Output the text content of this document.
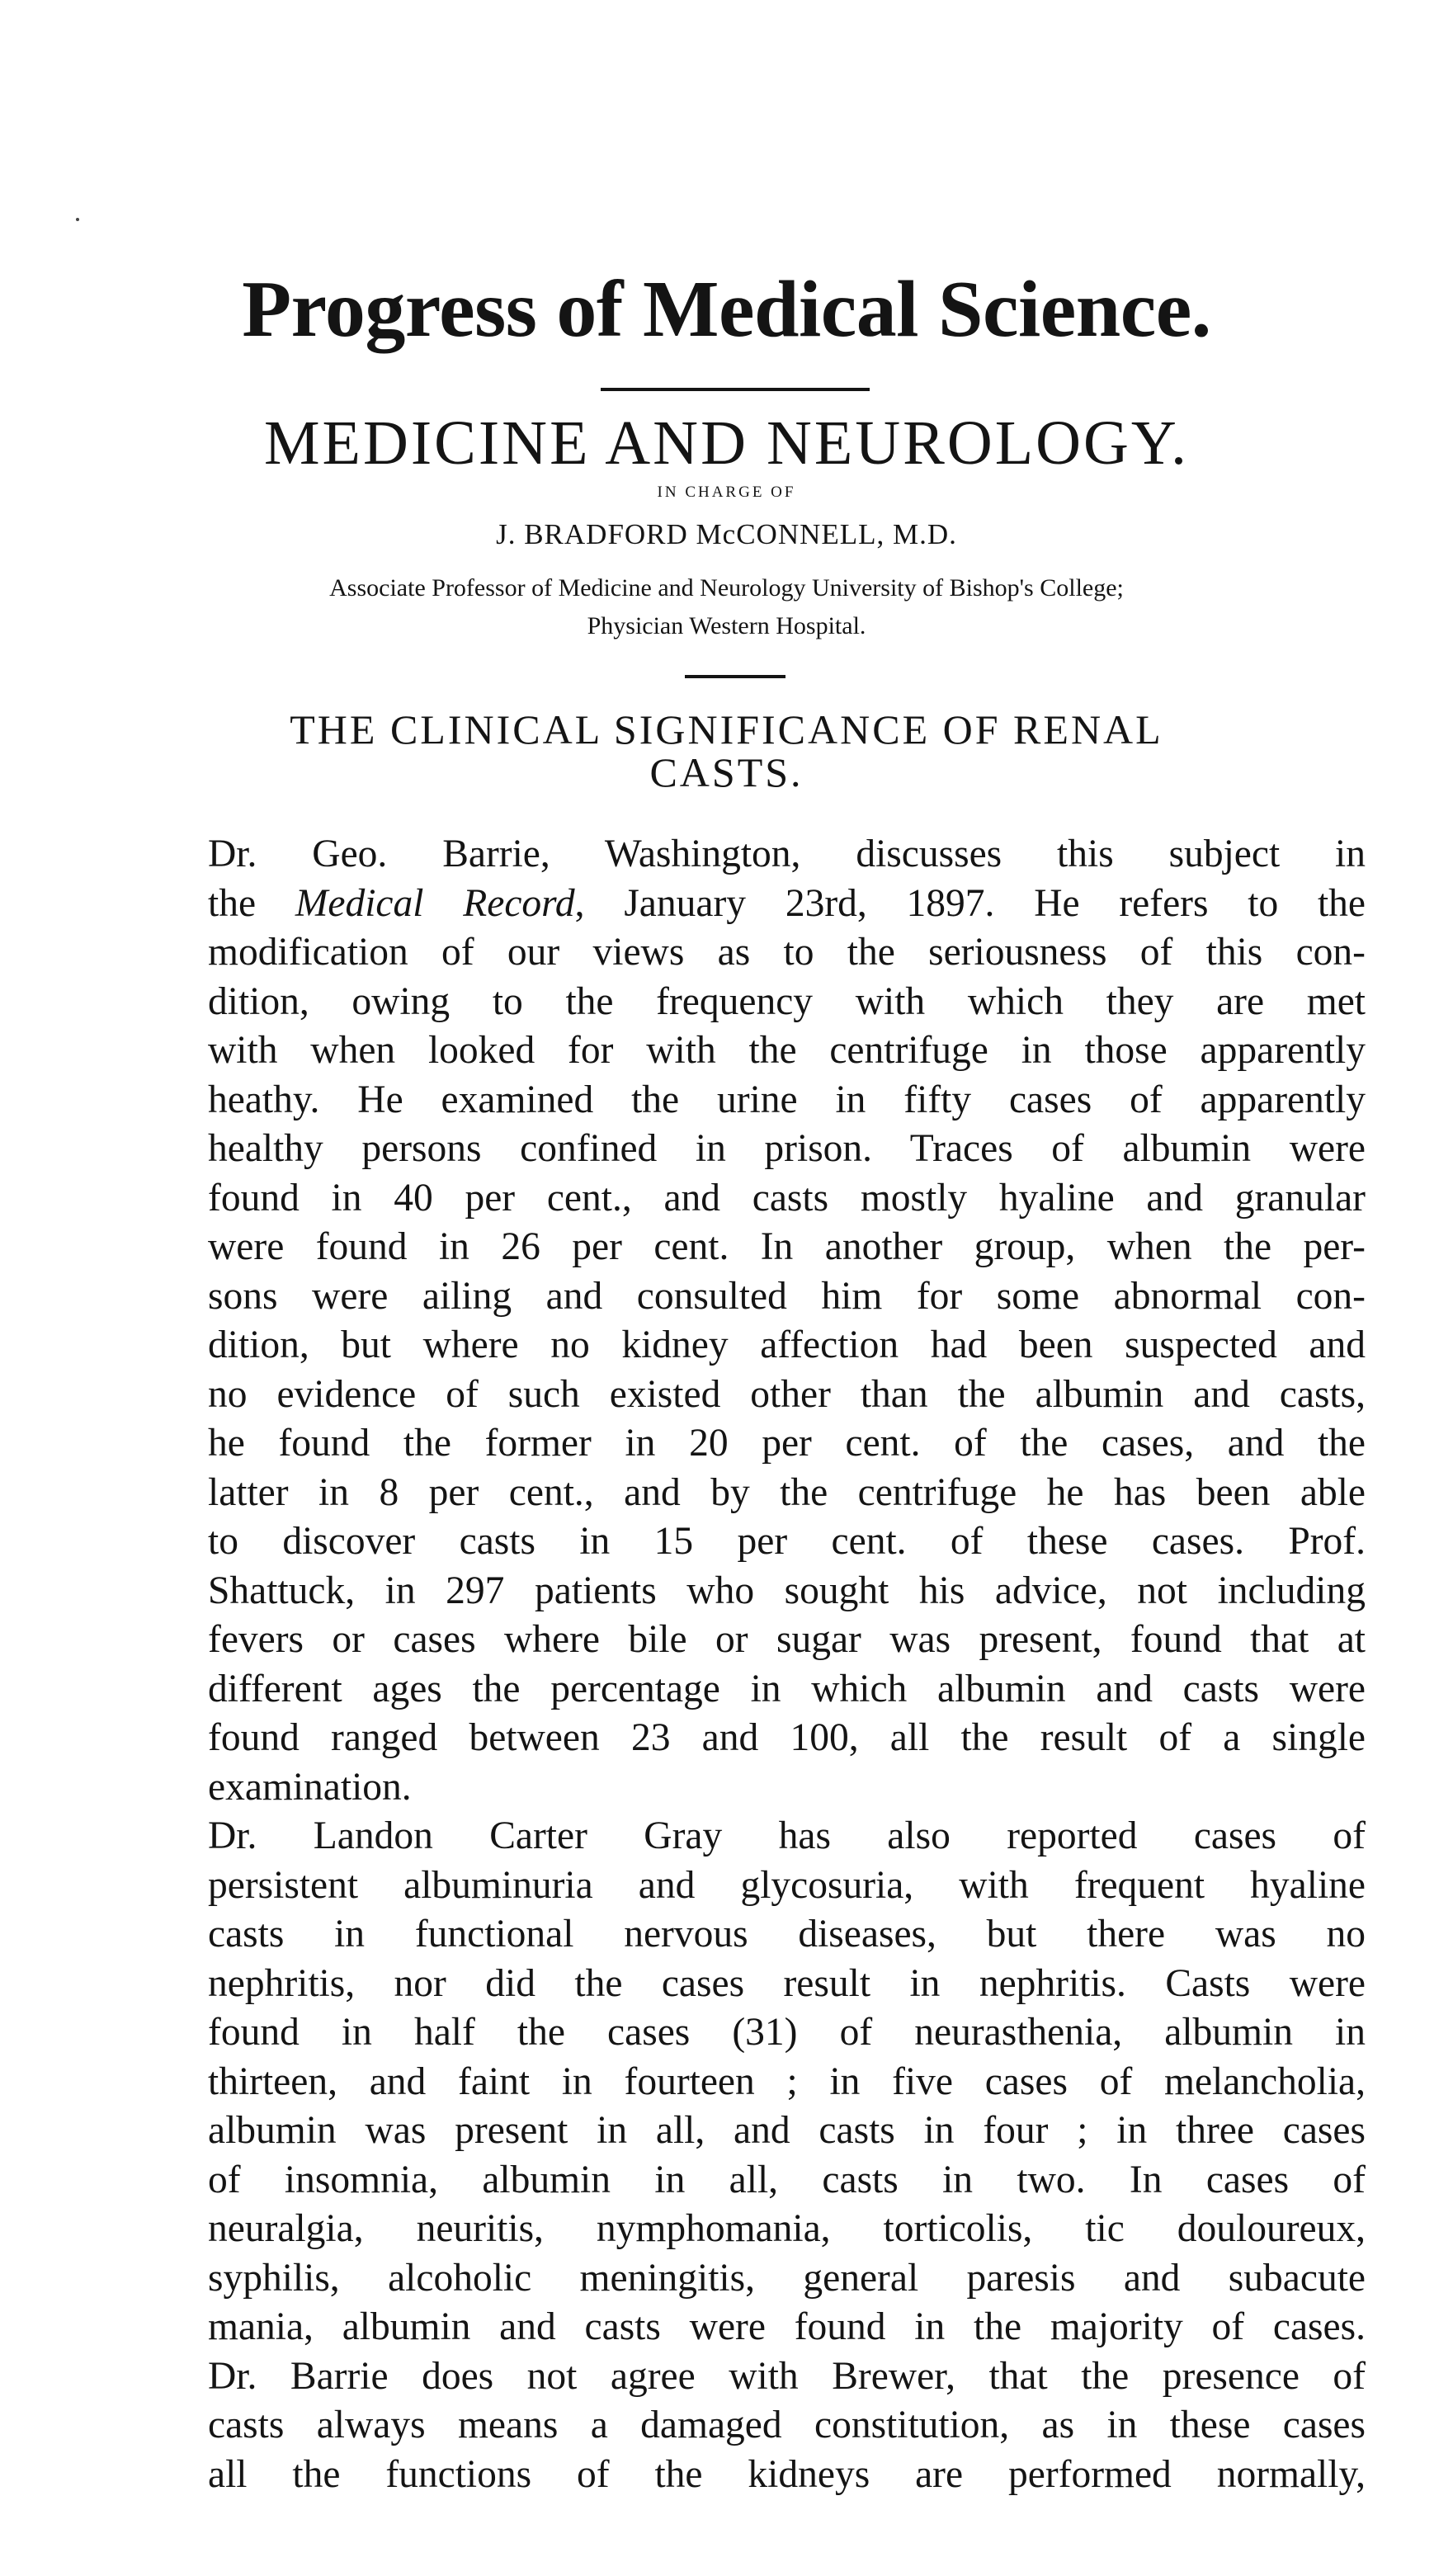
Progress of Medical Science.
MEDICINE AND NEUROLOGY.
IN CHARGE OF
J. BRADFORD McCONNELL, M.D.
Associate Professor of Medicine and Neurology University of Bishop's College;
Physician Western Hospital.
THE CLINICAL SIGNIFICANCE OF RENAL
CASTS.

Dr. Geo. Barrie, Washington, discusses this subject in
the Medical Record, January 23rd, 1897. He refers to the
modification of our views as to the seriousness of this con-
dition, owing to the frequency with which they are met
with when looked for with the centrifuge in those apparently
heathy. He examined the urine in fifty cases of apparently
healthy persons confined in prison. Traces of albumin were
found in 40 per cent., and casts mostly hyaline and granular
were found in 26 per cent. In another group, when the per-
sons were ailing and consulted him for some abnormal con-
dition, but where no kidney affection had been suspected and
no evidence of such existed other than the albumin and casts,
he found the former in 20 per cent. of the cases, and the
latter in 8 per cent., and by the centrifuge he has been able
to discover casts in 15 per cent. of these cases. Prof.
Shattuck, in 297 patients who sought his advice, not including
fevers or cases where bile or sugar was present, found that at
different ages the percentage in which albumin and casts were
found ranged between 23 and 100, all the result of a single
examination.

Dr. Landon Carter Gray has also reported cases of
persistent albuminuria and glycosuria, with frequent hyaline
casts in functional nervous diseases, but there was no
nephritis, nor did the cases result in nephritis. Casts were
found in half the cases (31) of neurasthenia, albumin in
thirteen, and faint in fourteen ; in five cases of melancholia,
albumin was present in all, and casts in four ; in three cases
of insomnia, albumin in all, casts in two. In cases of
neuralgia, neuritis, nymphomania, torticolis, tic douloureux,
syphilis, alcoholic meningitis, general paresis and subacute
mania, albumin and casts were found in the majority of cases.
Dr. Barrie does not agree with Brewer, that the presence of
casts always means a damaged constitution, as in these cases
all the functions of the kidneys are performed normally,
